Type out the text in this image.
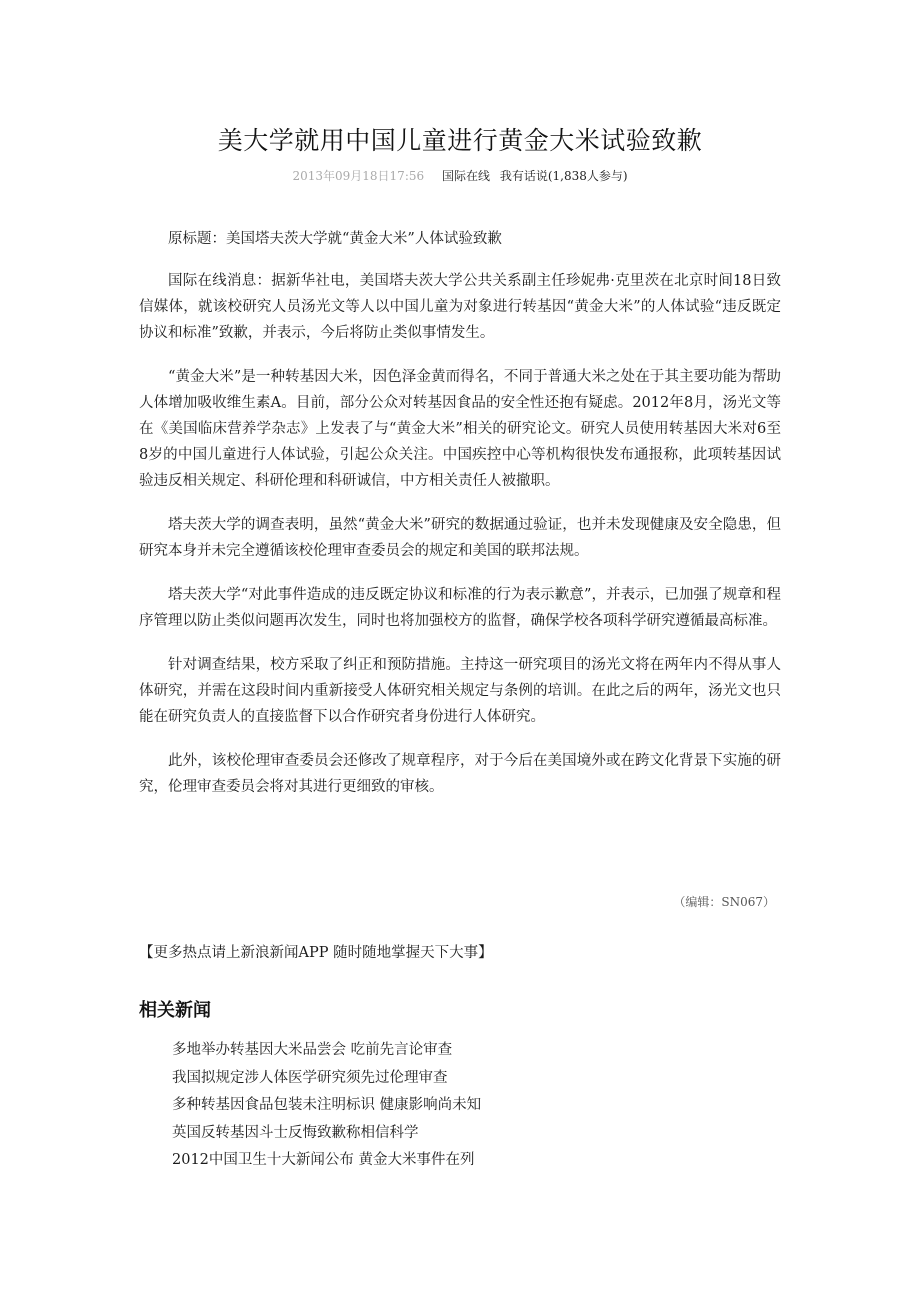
美大学就用中国儿童进行黄金大米试验致歉
2013年09月18日17:56 国际在线 我有话说(1,838人参与)

原标题：美国塔夫茨大学就“黄金大米”人体试验致歉

国际在线消息：据新华社电，美国塔夫茨大学公共关系副主任珍妮弗·克里茨在北京时间18日致信媒体，就该校研究人员汤光文等人以中国儿童为对象进行转基因“黄金大米”的人体试验“违反既定协议和标准”致歉，并表示，今后将防止类似事情发生。

“黄金大米”是一种转基因大米，因色泽金黄而得名，不同于普通大米之处在于其主要功能为帮助人体增加吸收维生素A。目前，部分公众对转基因食品的安全性还抱有疑虑。2012年8月，汤光文等在《美国临床营养学杂志》上发表了与“黄金大米”相关的研究论文。研究人员使用转基因大米对6至8岁的中国儿童进行人体试验，引起公众关注。中国疾控中心等机构很快发布通报称，此项转基因试验违反相关规定、科研伦理和科研诚信，中方相关责任人被撤职。

塔夫茨大学的调查表明，虽然“黄金大米”研究的数据通过验证，也并未发现健康及安全隐患，但研究本身并未完全遵循该校伦理审查委员会的规定和美国的联邦法规。

塔夫茨大学“对此事件造成的违反既定协议和标准的行为表示歉意”，并表示，已加强了规章和程序管理以防止类似问题再次发生，同时也将加强校方的监督，确保学校各项科学研究遵循最高标准。

针对调查结果，校方采取了纠正和预防措施。主持这一研究项目的汤光文将在两年内不得从事人体研究，并需在这段时间内重新接受人体研究相关规定与条例的培训。在此之后的两年，汤光文也只能在研究负责人的直接监督下以合作研究者身份进行人体研究。

此外，该校伦理审查委员会还修改了规章程序，对于今后在美国境外或在跨文化背景下实施的研究，伦理审查委员会将对其进行更细致的审核。

（编辑：SN067）
【更多热点请上新浪新闻APP 随时随地掌握天下大事】
相关新闻
多地举办转基因大米品尝会 吃前先言论审查
我国拟规定涉人体医学研究须先过伦理审查
多种转基因食品包装未注明标识 健康影响尚未知
英国反转基因斗士反悔致歉称相信科学
2012中国卫生十大新闻公布 黄金大米事件在列
